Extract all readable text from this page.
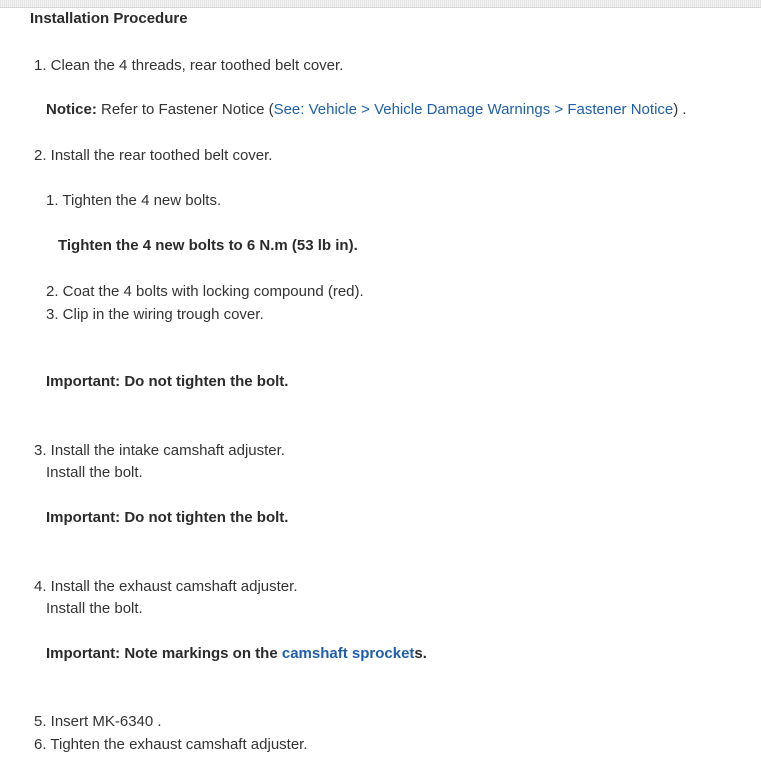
Installation Procedure
1. Clean the 4 threads, rear toothed belt cover.
Notice: Refer to Fastener Notice (See: Vehicle > Vehicle Damage Warnings > Fastener Notice) .
2. Install the rear toothed belt cover.
1. Tighten the 4 new bolts.
Tighten the 4 new bolts to 6 N.m (53 lb in).
2. Coat the 4 bolts with locking compound (red).
3. Clip in the wiring trough cover.
Important: Do not tighten the bolt.
3. Install the intake camshaft adjuster.
Install the bolt.
Important: Do not tighten the bolt.
4. Install the exhaust camshaft adjuster.
Install the bolt.
Important: Note markings on the camshaft sprockets.
5. Insert MK-6340 .
6. Tighten the exhaust camshaft adjuster.
